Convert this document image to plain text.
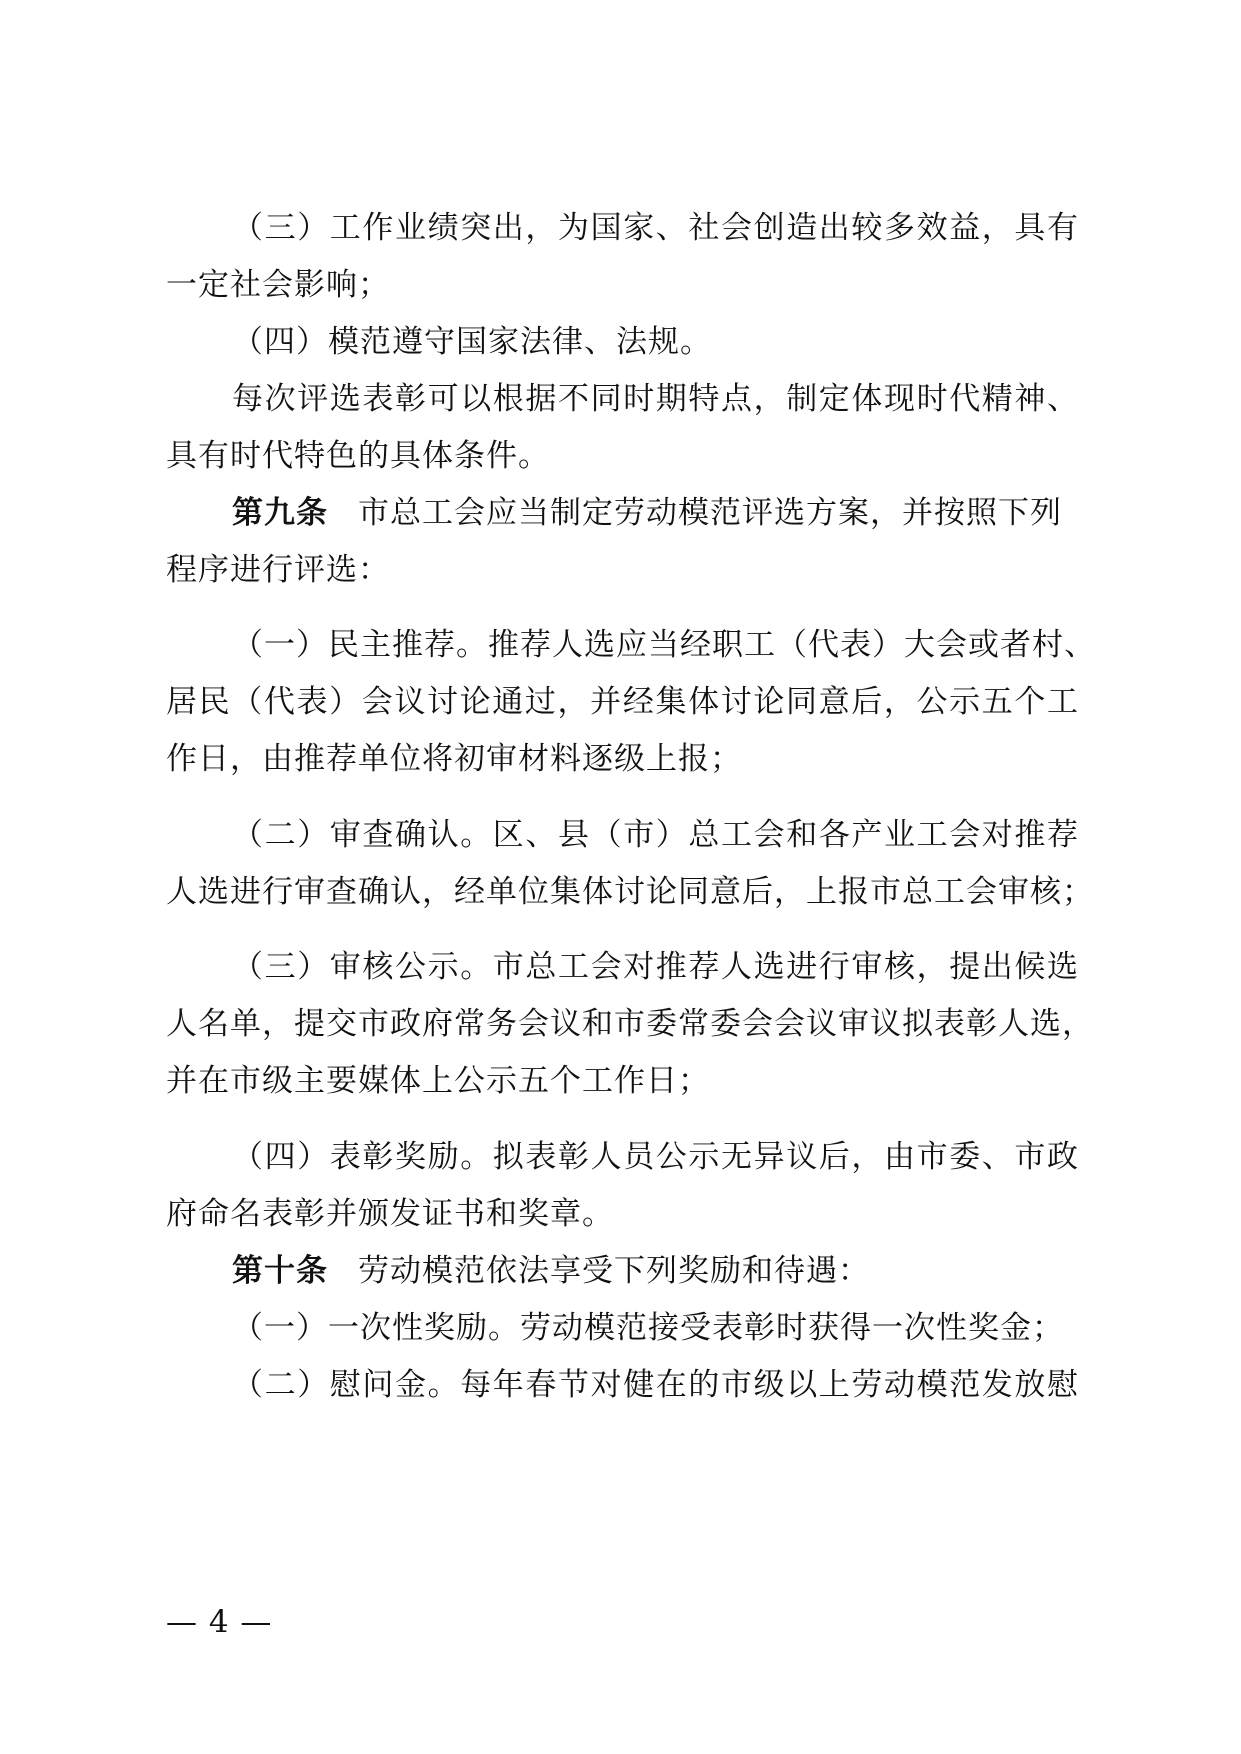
（三）工作业绩突出，为国家、社会创造出较多效益，具有
一定社会影响；
（四）模范遵守国家法律、法规。
每次评选表彰可以根据不同时期特点，制定体现时代精神、
具有时代特色的具体条件。
第九条 市总工会应当制定劳动模范评选方案，并按照下列
程序进行评选：
（一）民主推荐。推荐人选应当经职工（代表）大会或者村、
居民（代表）会议讨论通过，并经集体讨论同意后，公示五个工
作日，由推荐单位将初审材料逐级上报；
（二）审查确认。区、县（市）总工会和各产业工会对推荐
人选进行审查确认，经单位集体讨论同意后，上报市总工会审核；
（三）审核公示。市总工会对推荐人选进行审核，提出候选
人名单，提交市政府常务会议和市委常委会会议审议拟表彰人选，
并在市级主要媒体上公示五个工作日；
（四）表彰奖励。拟表彰人员公示无异议后，由市委、市政
府命名表彰并颁发证书和奖章。
第十条 劳动模范依法享受下列奖励和待遇：
（一）一次性奖励。劳动模范接受表彰时获得一次性奖金；
（二）慰问金。每年春节对健在的市级以上劳动模范发放慰
— 4 —
